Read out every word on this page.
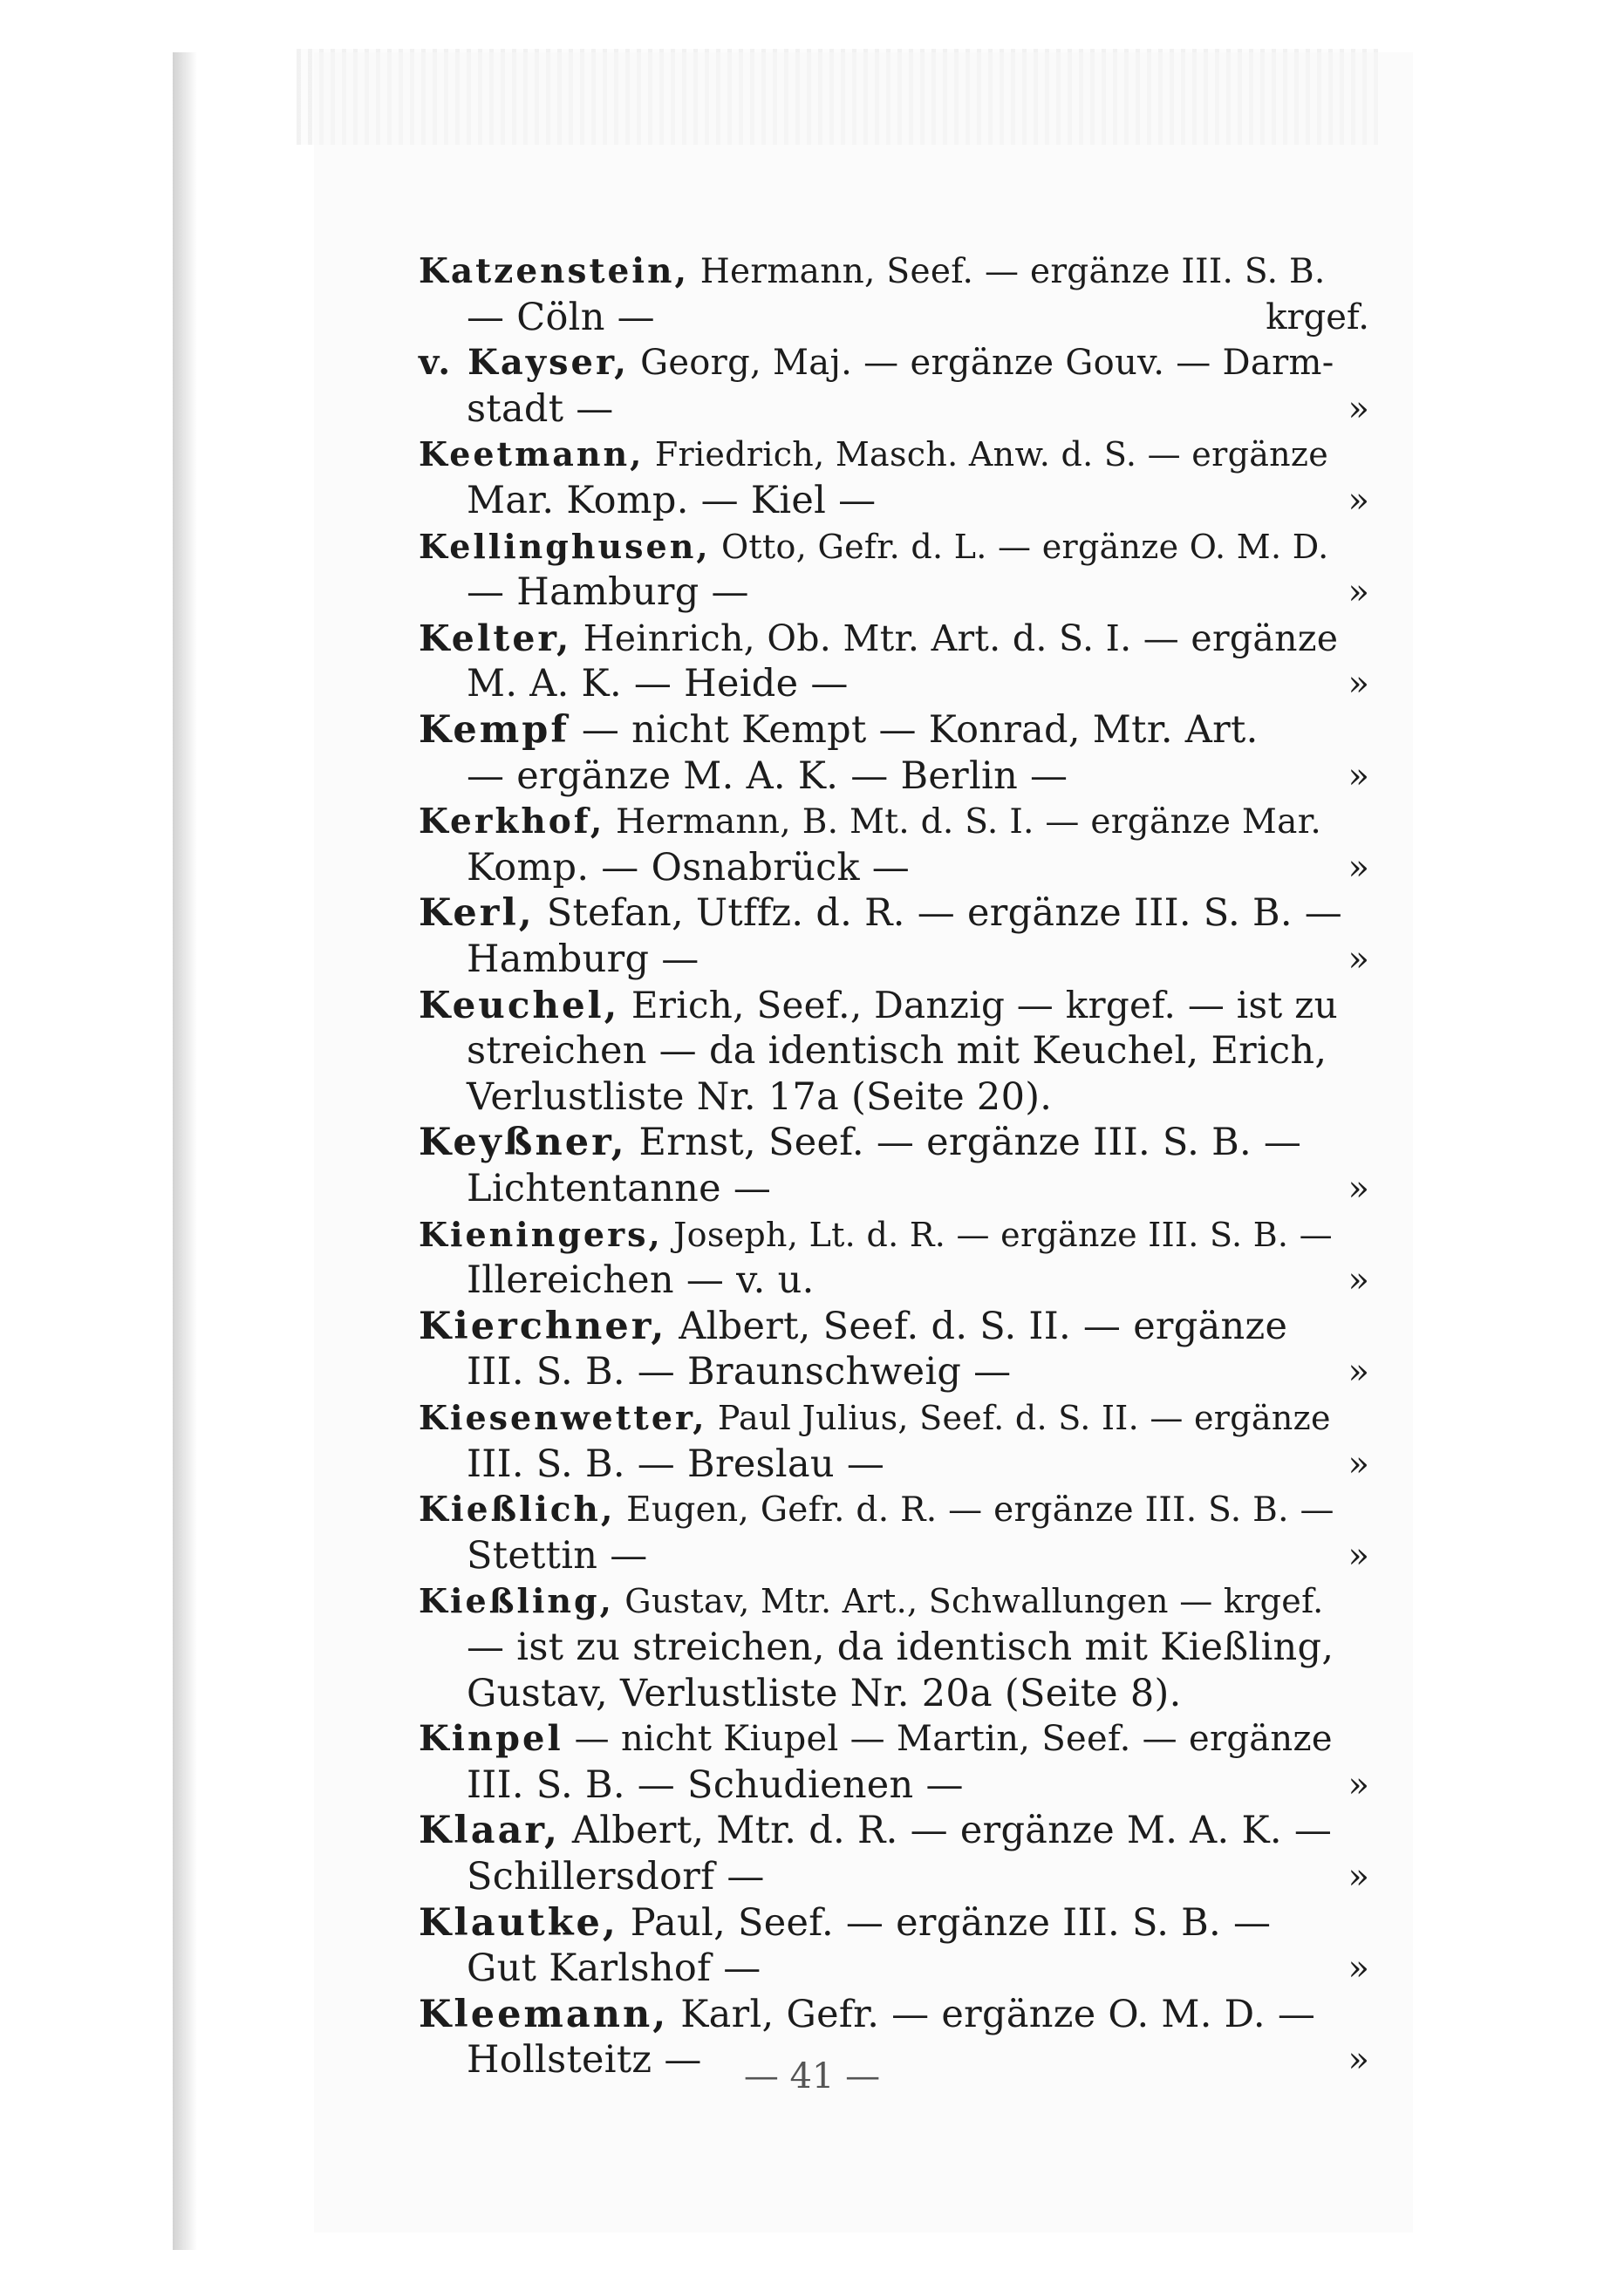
Katzenstein, Hermann, Seef. — ergänze III. S. B.
— Cöln —	krgef.
v. Kayser, Georg, Maj. — ergänze Gouv. — Darm-
stadt —	»
Keetmann, Friedrich, Masch. Anw. d. S. — ergänze
Mar. Komp. — Kiel —	»
Kellinghusen, Otto, Gefr. d. L. — ergänze O. M. D.
— Hamburg —	»
Kelter, Heinrich, Ob. Mtr. Art. d. S. I. — ergänze
M. A. K. — Heide —	»
Kempf — nicht Kempt — Konrad, Mtr. Art.
— ergänze M. A. K. — Berlin —	»
Kerkhof, Hermann, B. Mt. d. S. I. — ergänze Mar.
Komp. — Osnabrück —	»
Kerl, Stefan, Utffz. d. R. — ergänze III. S. B. —
Hamburg —	»
Keuchel, Erich, Seef., Danzig — krgef. — ist zu
streichen — da identisch mit Keuchel, Erich,
Verlustliste Nr. 17a (Seite 20).
Keyßner, Ernst, Seef. — ergänze III. S. B. —
Lichtentanne —	»
Kieningers, Joseph, Lt. d. R. — ergänze III. S. B. —
Illereichen — v. u.	»
Kierchner, Albert, Seef. d. S. II. — ergänze
III. S. B. — Braunschweig —	»
Kiesenwetter, Paul Julius, Seef. d. S. II. — ergänze
III. S. B. — Breslau —	»
Kießlich, Eugen, Gefr. d. R. — ergänze III. S. B. —
Stettin —	»
Kießling, Gustav, Mtr. Art., Schwallungen — krgef.
— ist zu streichen, da identisch mit Kießling,
Gustav, Verlustliste Nr. 20a (Seite 8).
Kinpel — nicht Kiupel — Martin, Seef. — ergänze
III. S. B. — Schudienen —	»
Klaar, Albert, Mtr. d. R. — ergänze M. A. K. —
Schillersdorf —	»
Klautke, Paul, Seef. — ergänze III. S. B. —
Gut Karlshof —	»
Kleemann, Karl, Gefr. — ergänze O. M. D. —
Hollsteitz —	»
— 41 —
